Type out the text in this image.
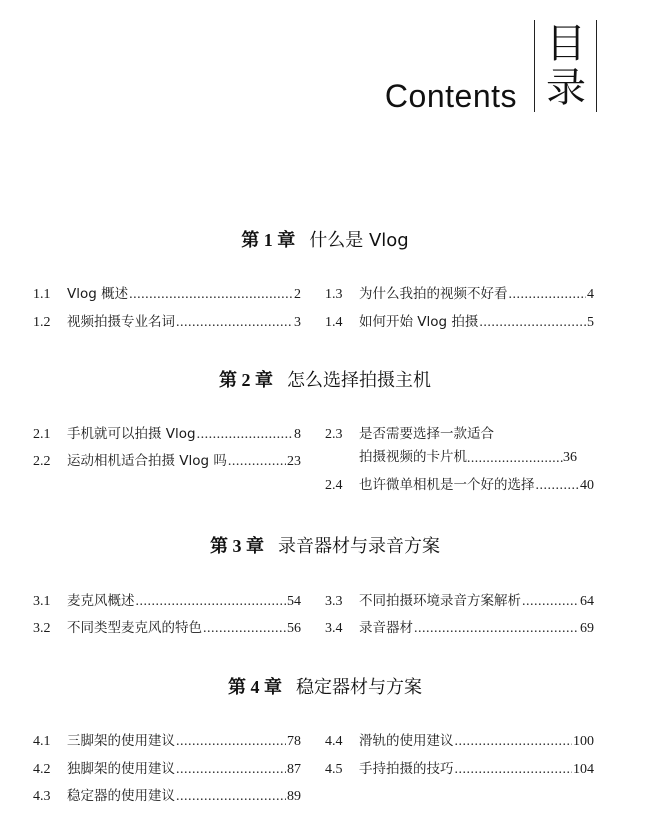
Contents
目
录
第 1 章 什么是 Vlog
1.1	Vlog 概述 .....	2
1.2	视频拍摄专业名词 .....	3
1.3	为什么我拍的视频不好看 .....	4
1.4	如何开始 Vlog 拍摄 .....	5
第 2 章 怎么选择拍摄主机
2.1	手机就可以拍摄 Vlog .....	8
2.2	运动相机适合拍摄 Vlog 吗 .....	23
2.3	是否需要选择一款适合
拍摄视频的卡片机 .....	36
2.4	也许微单相机是一个好的选择 .....	40
第 3 章 录音器材与录音方案
3.1	麦克风概述 .....	54
3.2	不同类型麦克风的特色 .....	56
3.3	不同拍摄环境录音方案解析 .....	64
3.4	录音器材 .....	69
第 4 章 稳定器材与方案
4.1	三脚架的使用建议 .....	78
4.2	独脚架的使用建议 .....	87
4.3	稳定器的使用建议 .....	89
4.4	滑轨的使用建议 .....	100
4.5	手持拍摄的技巧 .....	104
